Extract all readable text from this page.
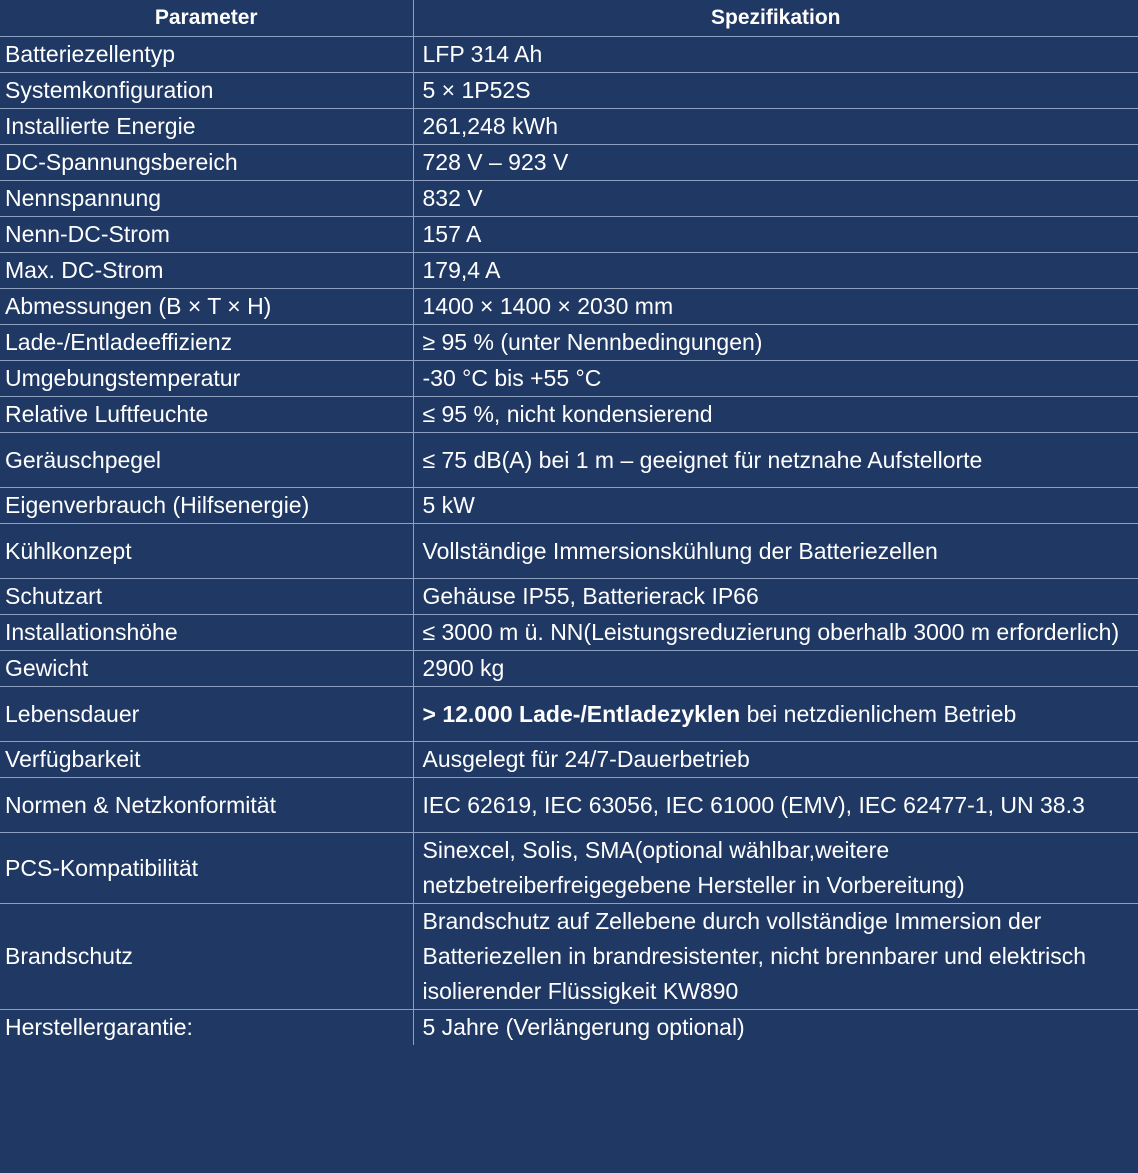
Parameter	Spezifikation
Batteriezellentyp	LFP 314 Ah
Systemkonfiguration	5 × 1P52S
Installierte Energie	261,248 kWh
DC-Spannungsbereich	728 V – 923 V
Nennspannung	832 V
Nenn-DC-Strom	157 A
Max. DC-Strom	179,4 A
Abmessungen (B × T × H)	1400 × 1400 × 2030 mm
Lade-/Entladeeffizienz	≥ 95 % (unter Nennbedingungen)
Umgebungstemperatur	-30 °C bis +55 °C
Relative Luftfeuchte	≤ 95 %, nicht kondensierend
Geräuschpegel	≤ 75 dB(A) bei 1 m – geeignet für netznahe Aufstellorte
Eigenverbrauch (Hilfsenergie)	5 kW
Kühlkonzept	Vollständige Immersionskühlung der Batteriezellen
Schutzart	Gehäuse IP55, Batterierack IP66
Installationshöhe	≤ 3000 m ü. NN(Leistungsreduzierung oberhalb 3000 m erforderlich)
Gewicht	2900 kg
Lebensdauer	> 12.000 Lade-/Entladezyklen bei netzdienlichem Betrieb
Verfügbarkeit	Ausgelegt für 24/7-Dauerbetrieb
Normen & Netzkonformität	IEC 62619, IEC 63056, IEC 61000 (EMV), IEC 62477-1, UN 38.3
PCS-Kompatibilität	Sinexcel, Solis, SMA(optional wählbar,weitere netzbetreiberfreigegebene Hersteller in Vorbereitung)
Brandschutz	Brandschutz auf Zellebene durch vollständige Immersion der Batteriezellen in brandresistenter, nicht brennbarer und elektrisch isolierender Flüssigkeit KW890
Herstellergarantie:	5 Jahre (Verlängerung optional)
